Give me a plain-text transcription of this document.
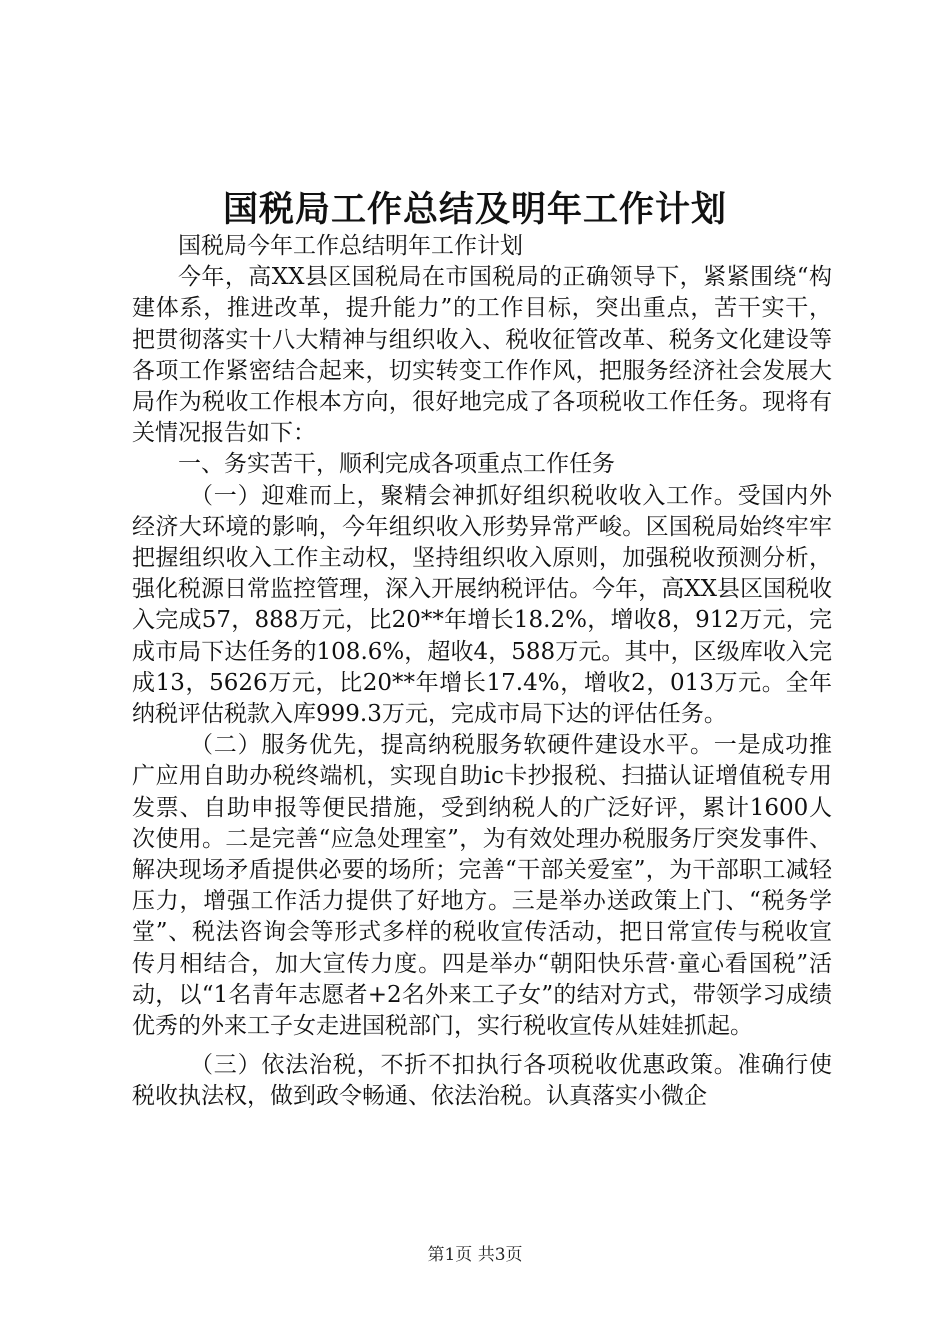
国税局工作总结及明年工作计划

国税局今年工作总结明年工作计划

今年，高XX县区国税局在市国税局的正确领导下，紧紧围绕“构建体系，推进改革，提升能力”的工作目标，突出重点，苦干实干，把贯彻落实十八大精神与组织收入、税收征管改革、税务文化建设等各项工作紧密结合起来，切实转变工作作风，把服务经济社会发展大局作为税收工作根本方向，很好地完成了各项税收工作任务。现将有关情况报告如下：

一、务实苦干，顺利完成各项重点工作任务

（一）迎难而上，聚精会神抓好组织税收收入工作。受国内外经济大环境的影响，今年组织收入形势异常严峻。区国税局始终牢牢把握组织收入工作主动权，坚持组织收入原则，加强税收预测分析，强化税源日常监控管理，深入开展纳税评估。今年，高XX县区国税收入完成57，888万元，比20**年增长18.2%，增收8，912万元，完成市局下达任务的108.6%，超收4，588万元。其中，区级库收入完成13，5626万元，比20**年增长17.4%，增收2，013万元。全年纳税评估税款入库999.3万元，完成市局下达的评估任务。

（二）服务优先，提高纳税服务软硬件建设水平。一是成功推广应用自助办税终端机，实现自助ic卡抄报税、扫描认证增值税专用发票、自助申报等便民措施，受到纳税人的广泛好评，累计1600人次使用。二是完善“应急处理室”，为有效处理办税服务厅突发事件、解决现场矛盾提供必要的场所；完善“干部关爱室”，为干部职工减轻压力，增强工作活力提供了好地方。三是举办送政策上门、“税务学堂”、税法咨询会等形式多样的税收宣传活动，把日常宣传与税收宣传月相结合，加大宣传力度。四是举办“朝阳快乐营·童心看国税”活动，以“1名青年志愿者+2名外来工子女”的结对方式，带领学习成绩优秀的外来工子女走进国税部门，实行税收宣传从娃娃抓起。

（三）依法治税，不折不扣执行各项税收优惠政策。准确行使税收执法权，做到政令畅通、依法治税。认真落实小微企

第1页 共3页
